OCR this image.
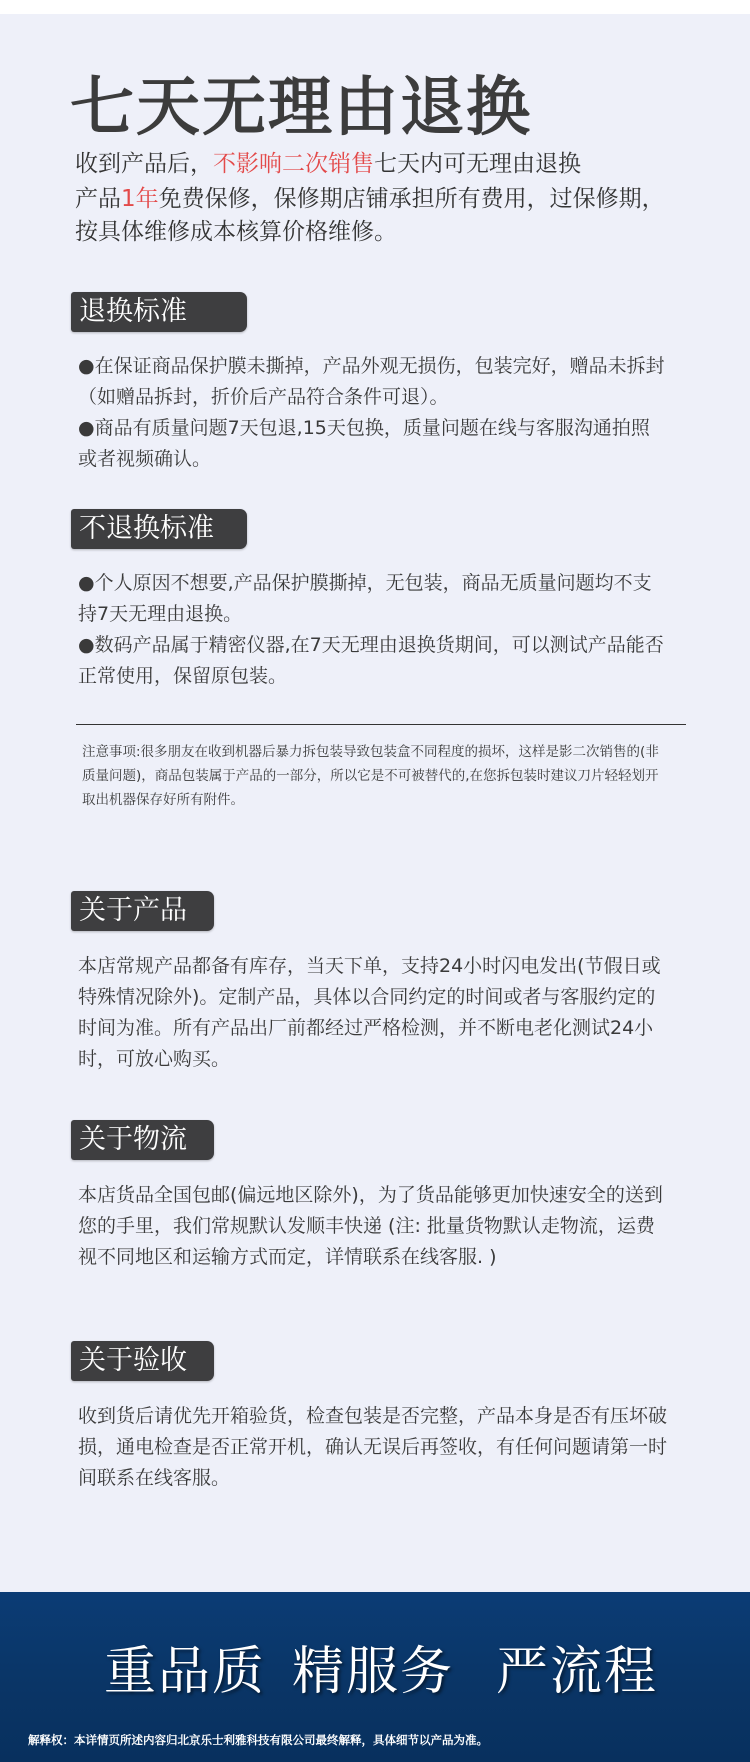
七天无理由退换

收到产品后，不影响二次销售七天内可无理由退换

产品1年免费保修，保修期店铺承担所有费用，过保修期，

按具体维修成本核算价格维修。

退换标准

●在保证商品保护膜未撕掉，产品外观无损伤，包装完好，赠品未拆封（如赠品拆封，折价后产品符合条件可退）。

●商品有质量问题7天包退,15天包换，质量问题在线与客服沟通拍照或者视频确认。

不退换标准

●个人原因不想要,产品保护膜撕掉，无包装，商品无质量问题均不支持7天无理由退换。

●数码产品属于精密仪器,在7天无理由退换货期间，可以测试产品能否正常使用，保留原包装。

注意事项:很多朋友在收到机器后暴力拆包装导致包装盒不同程度的损坏，这样是影二次销售的(非质量问题)，商品包装属于产品的一部分，所以它是不可被替代的,在您拆包装时建议刀片轻轻划开取出机器保存好所有附件。
关于产品
本店常规产品都备有库存，当天下单，支持24小时闪电发出(节假日或特殊情况除外)。定制产品，具体以合同约定的时间或者与客服约定的时间为准。所有产品出厂前都经过严格检测，并不断电老化测试24小时，可放心购买。
关于物流
本店货品全国包邮(偏远地区除外)，为了货品能够更加快速安全的送到您的手里，我们常规默认发顺丰快递 (注: 批量货物默认走物流，运费视不同地区和运输方式而定，详情联系在线客服. )
关于验收
收到货后请优先开箱验货，检查包装是否完整，产品本身是否有压坏破损，通电检查是否正常开机，确认无误后再签收，有任何问题请第一时间联系在线客服。
重品质 精服务 严流程
解释权：本详情页所述内容归北京乐士利雅科技有限公司最终解释，具体细节以产品为准。
